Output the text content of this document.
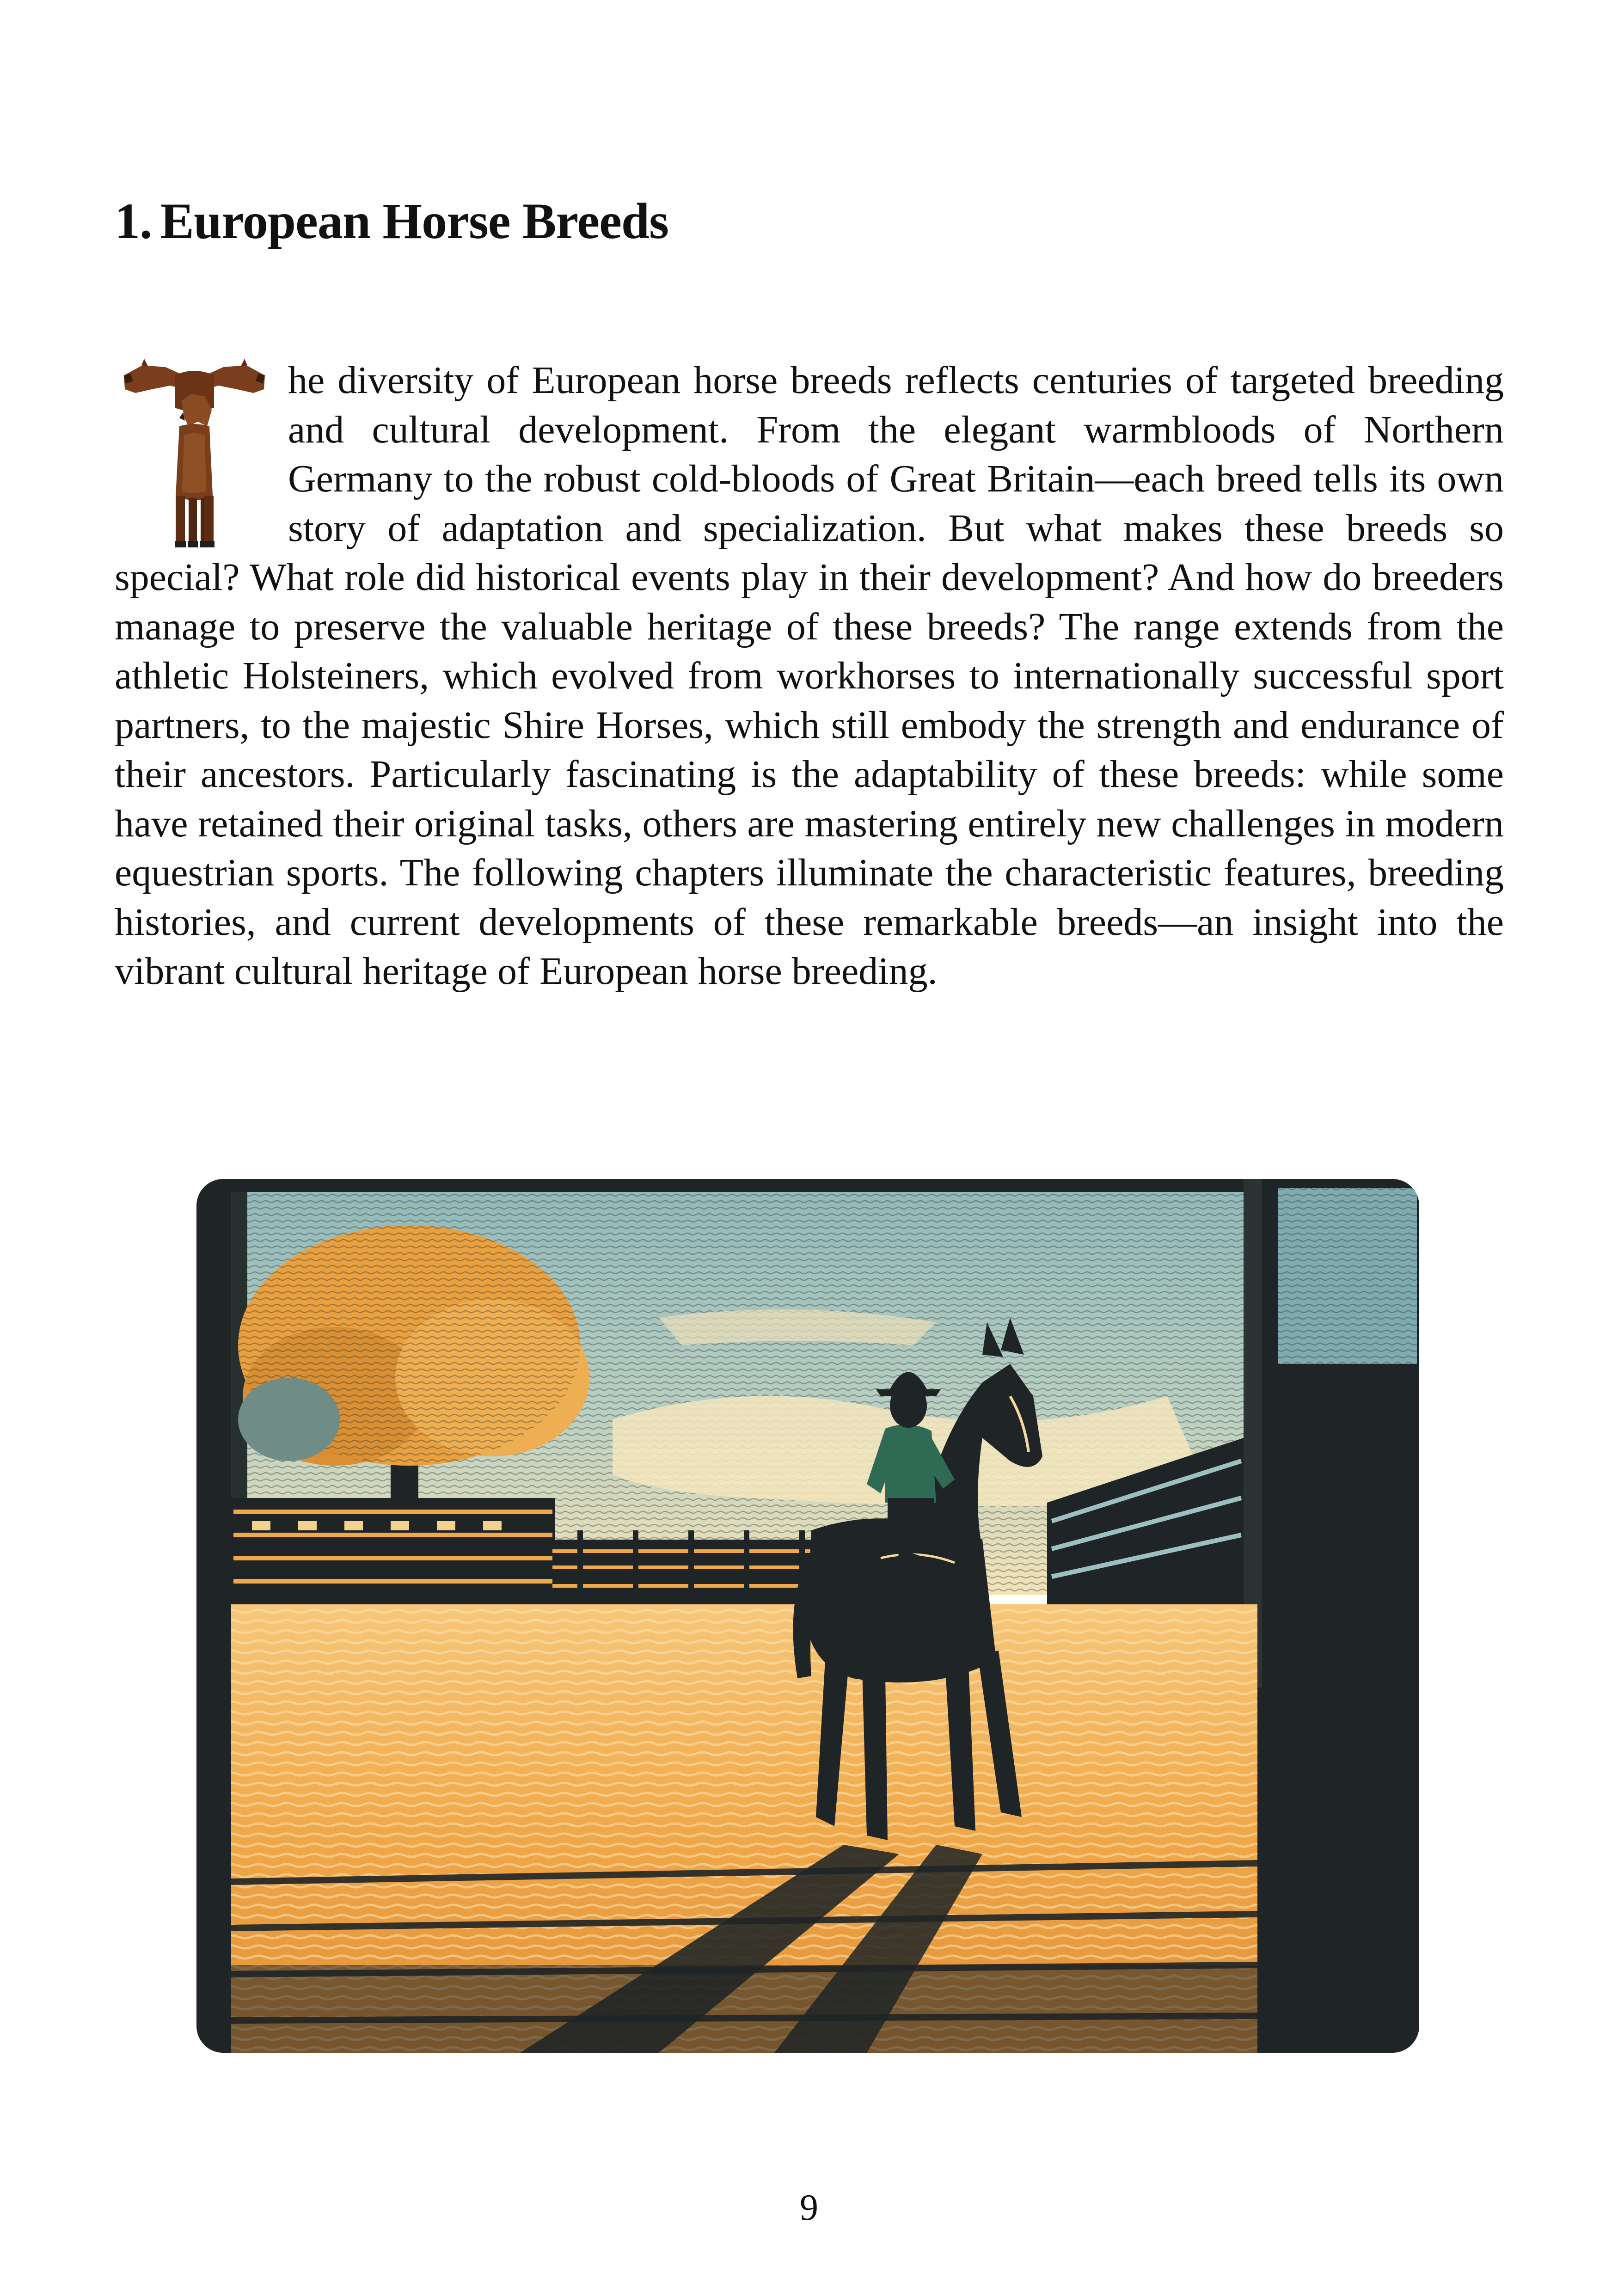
1. European Horse Breeds

he diversity of European horse breeds reflects centuries of targeted breeding and cultural development. From the elegant warmbloods of Northern Germany to the robust cold-bloods of Great Britain—each breed tells its own story of adaptation and specialization. But what makes these breeds so special? What role did historical events play in their development? And how do breeders manage to preserve the valuable heritage of these breeds? The range extends from the athletic Holsteiners, which evolved from workhorses to internationally successful sport partners, to the majestic Shire Horses, which still embody the strength and endurance of their ancestors. Particularly fascinating is the adaptability of these breeds: while some have retained their original tasks, others are mastering entirely new challenges in modern equestrian sports. The following chapters illuminate the characteristic features, breeding histories, and current developments of these remarkable breeds—an insight into the vibrant cultural heritage of European horse breeding.

9
